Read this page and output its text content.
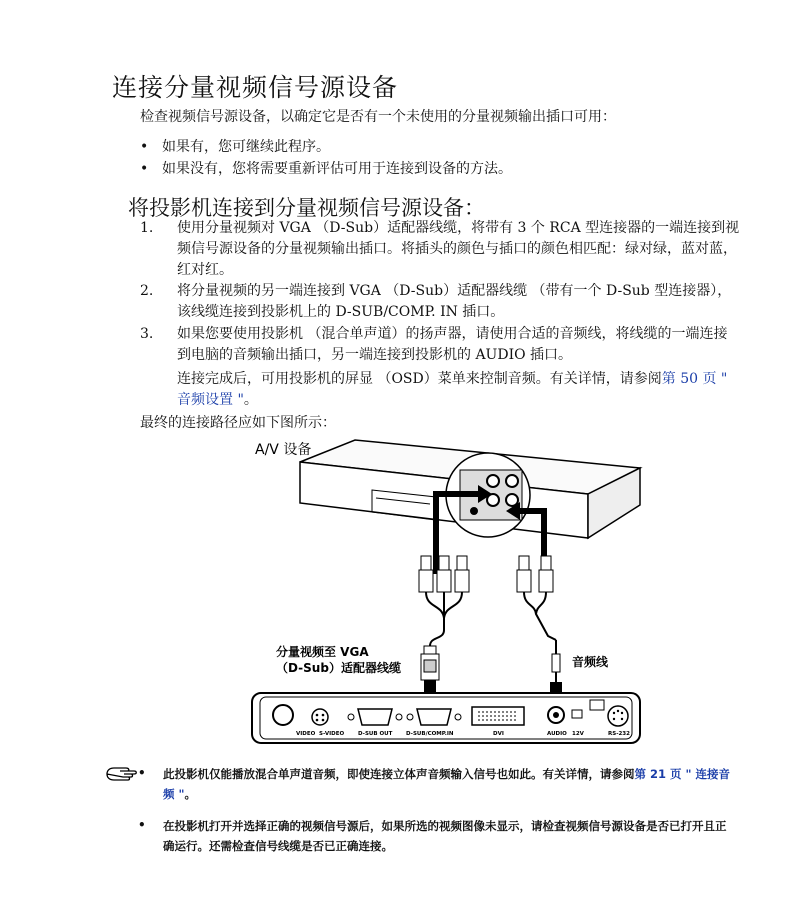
连接分量视频信号源设备
检查视频信号源设备，以确定它是否有一个未使用的分量视频输出插口可用：
• 如果有，您可继续此程序。
• 如果没有，您将需要重新评估可用于连接到设备的方法。
将投影机连接到分量视频信号源设备：
1.	使用分量视频对 VGA （D-Sub）适配器线缆，将带有 3 个 RCA 型连接器的一端连接到视频信号源设备的分量视频输出插口。将插头的颜色与插口的颜色相匹配：绿对绿，蓝对蓝，红对红。
2.	将分量视频的另一端连接到 VGA （D-Sub）适配器线缆 （带有一个 D-Sub 型连接器），该线缆连接到投影机上的 D-SUB/COMP. IN 插口。
3.	如果您要使用投影机 （混合单声道）的扬声器，请使用合适的音频线，将线缆的一端连接到电脑的音频输出插口，另一端连接到投影机的 AUDIO 插口。
连接完成后，可用投影机的屏显 （OSD）菜单来控制音频。有关详情，请参阅第 50 页 " 音频设置 "。
最终的连接路径应如下图所示：
A/V 设备
分量视频至 VGA
（D-Sub）适配器线缆	音频线
VIDEO S-VIDEO	D-SUB OUT D-SUB/COMP.IN	DVI	AUDIO 12V	RS-232
• 此投影机仅能播放混合单声道音频，即使连接立体声音频输入信号也如此。有关详情，请参阅第 21 页 " 连接音频 "。
• 在投影机打开并选择正确的视频信号源后，如果所选的视频图像未显示，请检查视频信号源设备是否已打开且正确运行。还需检查信号线缆是否已正确连接。
